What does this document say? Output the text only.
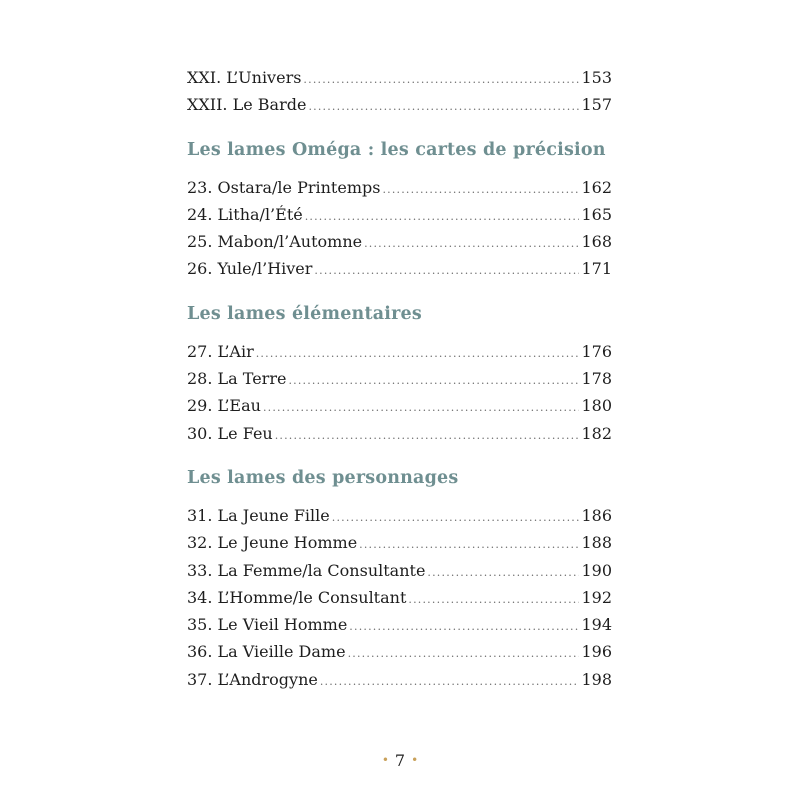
XXI. L’Univers .....	153
XXII. Le Barde .....	157
Les lames Oméga : les cartes de précision
23. Ostara/le Printemps .....	162
24. Litha/l’Été .....	165
25. Mabon/l’Automne .....	168
26. Yule/l’Hiver .....	171
Les lames élémentaires
27. L’Air .....	176
28. La Terre .....	178
29. L’Eau .....	180
30. Le Feu .....	182
Les lames des personnages
31. La Jeune Fille .....	186
32. Le Jeune Homme .....	188
33. La Femme/la Consultante .....	190
34. L’Homme/le Consultant .....	192
35. Le Vieil Homme .....	194
36. La Vieille Dame .....	196
37. L’Androgyne .....	198
• 7 •
